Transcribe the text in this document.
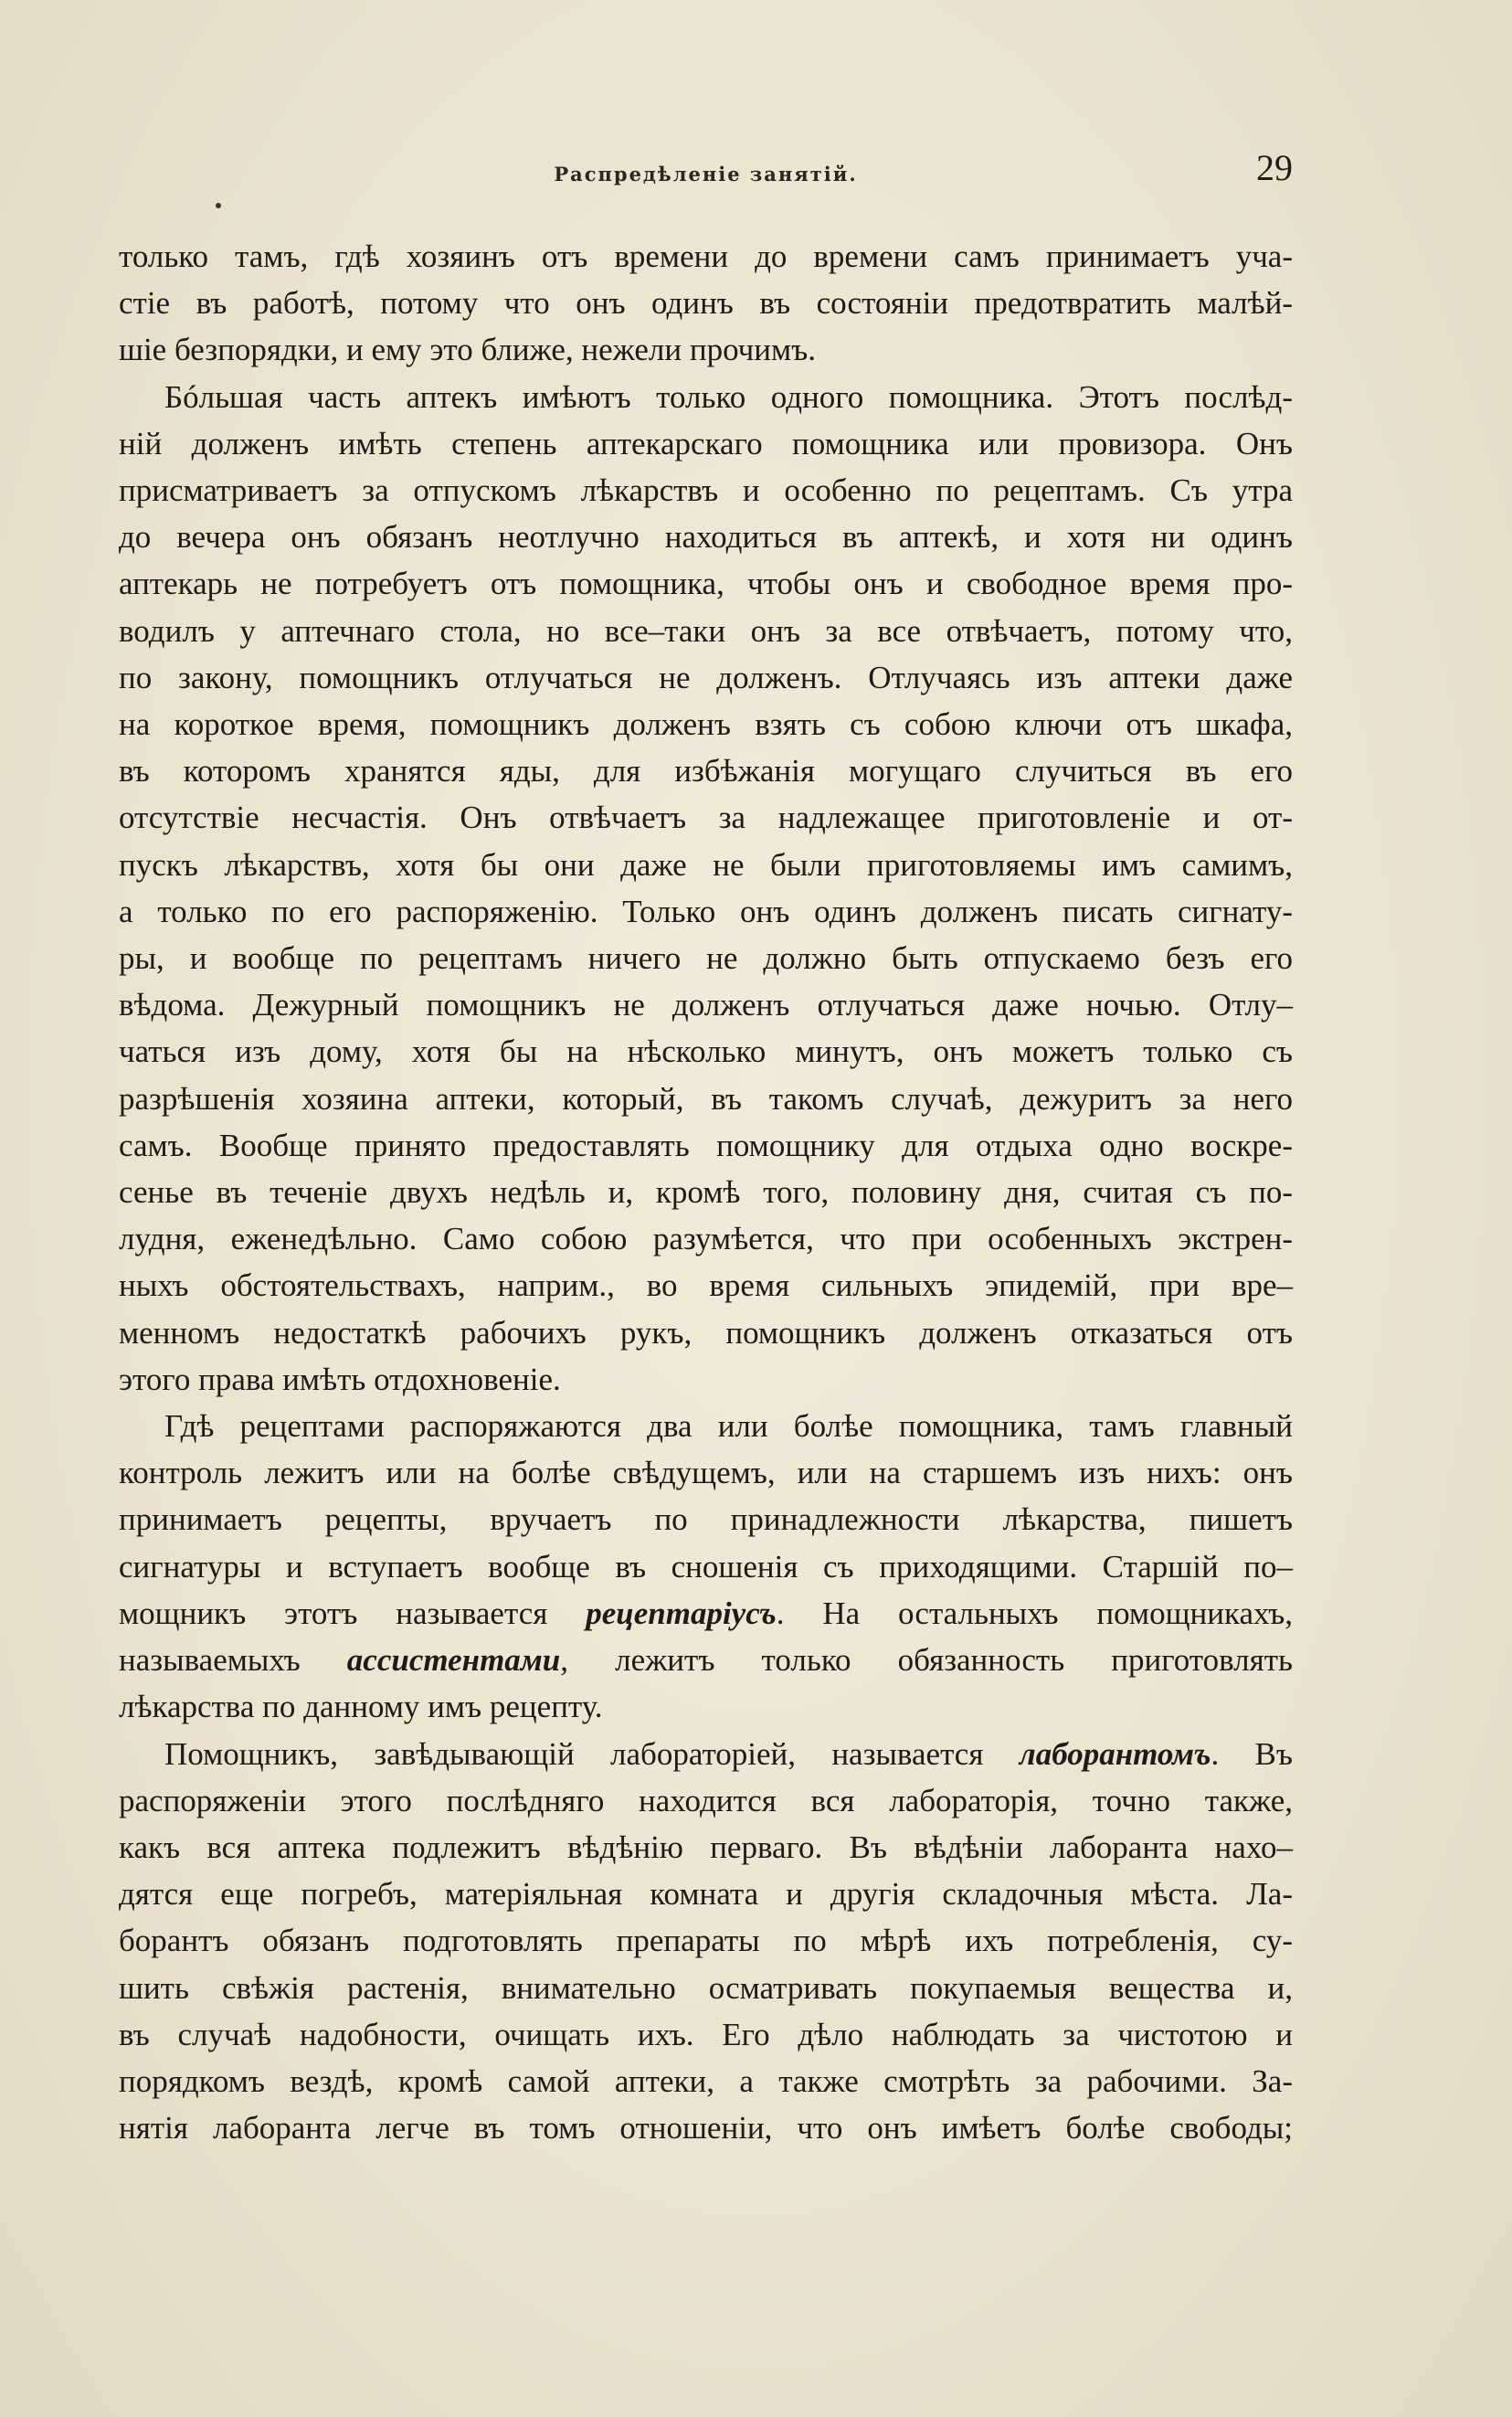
Распредѣленіе занятій.	29
только тамъ, гдѣ хозяинъ отъ времени до времени самъ принимаетъ уча-
стіе въ работѣ, потому что онъ одинъ въ состояніи предотвратить малѣй-
шіе безпорядки, и ему это ближе, нежели прочимъ.
Бóльшая часть аптекъ имѣютъ только одного помощника. Этотъ послѣд-
ній долженъ имѣть степень аптекарскаго помощника или провизора. Онъ
присматриваетъ за отпускомъ лѣкарствъ и особенно по рецептамъ. Съ утра
до вечера онъ обязанъ неотлучно находиться въ аптекѣ, и хотя ни одинъ
аптекарь не потребуетъ отъ помощника, чтобы онъ и свободное время про-
водилъ у аптечнаго стола, но все–таки онъ за все отвѣчаетъ, потому что,
по закону, помощникъ отлучаться не долженъ. Отлучаясь изъ аптеки даже
на короткое время, помощникъ долженъ взять съ собою ключи отъ шкафа,
въ которомъ хранятся яды, для избѣжанія могущаго случиться въ его
отсутствіе несчастія. Онъ отвѣчаетъ за надлежащее приготовленіе и от-
пускъ лѣкарствъ, хотя бы они даже не были приготовляемы имъ самимъ,
а только по его распоряженію. Только онъ одинъ долженъ писать сигнату-
ры, и вообще по рецептамъ ничего не должно быть отпускаемо безъ его
вѣдома. Дежурный помощникъ не долженъ отлучаться даже ночью. Отлу–
чаться изъ дому, хотя бы на нѣсколько минутъ, онъ можетъ только съ
разрѣшенія хозяина аптеки, который, въ такомъ случаѣ, дежуритъ за него
самъ. Вообще принято предоставлять помощнику для отдыха одно воскре-
сенье въ теченіе двухъ недѣль и, кромѣ того, половину дня, считая съ по-
лудня, еженедѣльно. Само собою разумѣется, что при особенныхъ экстрен-
ныхъ обстоятельствахъ, наприм., во время сильныхъ эпидемій, при вре–
менномъ недостаткѣ рабочихъ рукъ, помощникъ долженъ отказаться отъ
этого права имѣть отдохновеніе.
Гдѣ рецептами распоряжаются два или болѣе помощника, тамъ главный
контроль лежитъ или на болѣе свѣдущемъ, или на старшемъ изъ нихъ: онъ
принимаетъ рецепты, вручаетъ по принадлежности лѣкарства, пишетъ
сигнатуры и вступаетъ вообще въ сношенія съ приходящими. Старшій по–
мощникъ этотъ называется рецептаріусъ. На остальныхъ помощникахъ,
называемыхъ ассистентами, лежитъ только обязанность приготовлять
лѣкарства по данному имъ рецепту.
Помощникъ, завѣдывающій лабораторіей, называется лаборантомъ. Въ
распоряженіи этого послѣдняго находится вся лабораторія, точно также,
какъ вся аптека подлежитъ вѣдѣнію перваго. Въ вѣдѣніи лаборанта нахо–
дятся еще погребъ, матеріяльная комната и другія складочныя мѣста. Ла-
борантъ обязанъ подготовлять препараты по мѣрѣ ихъ потребленія, су-
шить свѣжія растенія, внимательно осматривать покупаемыя вещества и,
въ случаѣ надобности, очищать ихъ. Его дѣло наблюдать за чистотою и
порядкомъ вездѣ, кромѣ самой аптеки, а также смотрѣть за рабочими. За-
нятія лаборанта легче въ томъ отношеніи, что онъ имѣетъ болѣе свободы;
